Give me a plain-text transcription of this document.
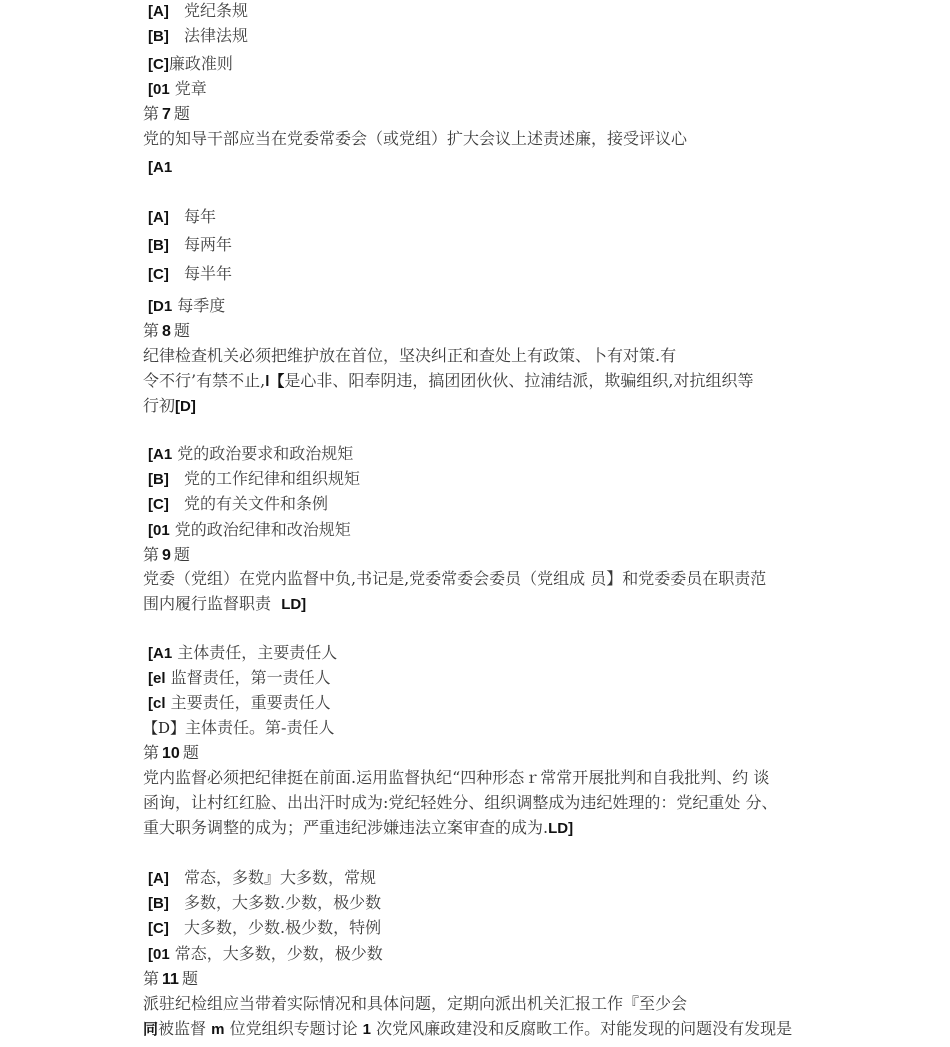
[A] 党纪条规
[B] 法律法规
[C]廉政准则
[01 党章
第 7 题
党的知导干部应当在党委常委会（或党组）扩大会议上述责述廉，接受评议心
[A1
[A] 每年
[B] 每两年
[C] 每半年
[D1 每季度
第 8 题
纪律检查机关必须把维护放在首位，坚决纠正和查处上有政策、卜有对策.有
令不行’有禁不止,l【是心非、阳奉阴违，搞团团伙伙、拉浦结派，欺骗组织,对抗组织等
行初[D]
[A1 党的政治要求和政治规矩
[B] 党的工作纪律和组织规矩
[C] 党的有关文件和条例
[01 党的政治纪律和改治规矩
第 9 题
党委（党组）在党内监督中负,书记是,党委常委会委员（党组成 员】和党委委员在职责范
围内履行监督职责 LD]
[A1 主体责任，主要责任人
[el 监督责任，第一责任人
[cl 主要责任，重要责任人
【D】主体责任。第-责任人
第 10 题
党内监督必须把纪律挺在前面.运用监督执纪“四种形态ｒ常常开展批判和自我批判、约 谈
函询，让村红红脸、出出汗时成为:党纪轻姓分、组织调整成为违纪姓理的：党纪重处 分、
重大职务调整的成为；严重违纪涉嫌违法立案审查的成为.LD]
[A] 常态，多数』大多数，常规
[B] 多数，大多数.少数，极少数
[C] 大多数，少数.极少数，特例
[01 常态，大多数，少数，极少数
第 11 题
派驻纪检组应当带着实际情况和具体问题，定期向派出机关汇报工作『至少会
同被监督 m 位党组织专题讨论 1 次党风廉政建没和反腐畋工作。对能发现的问题没有发现是
